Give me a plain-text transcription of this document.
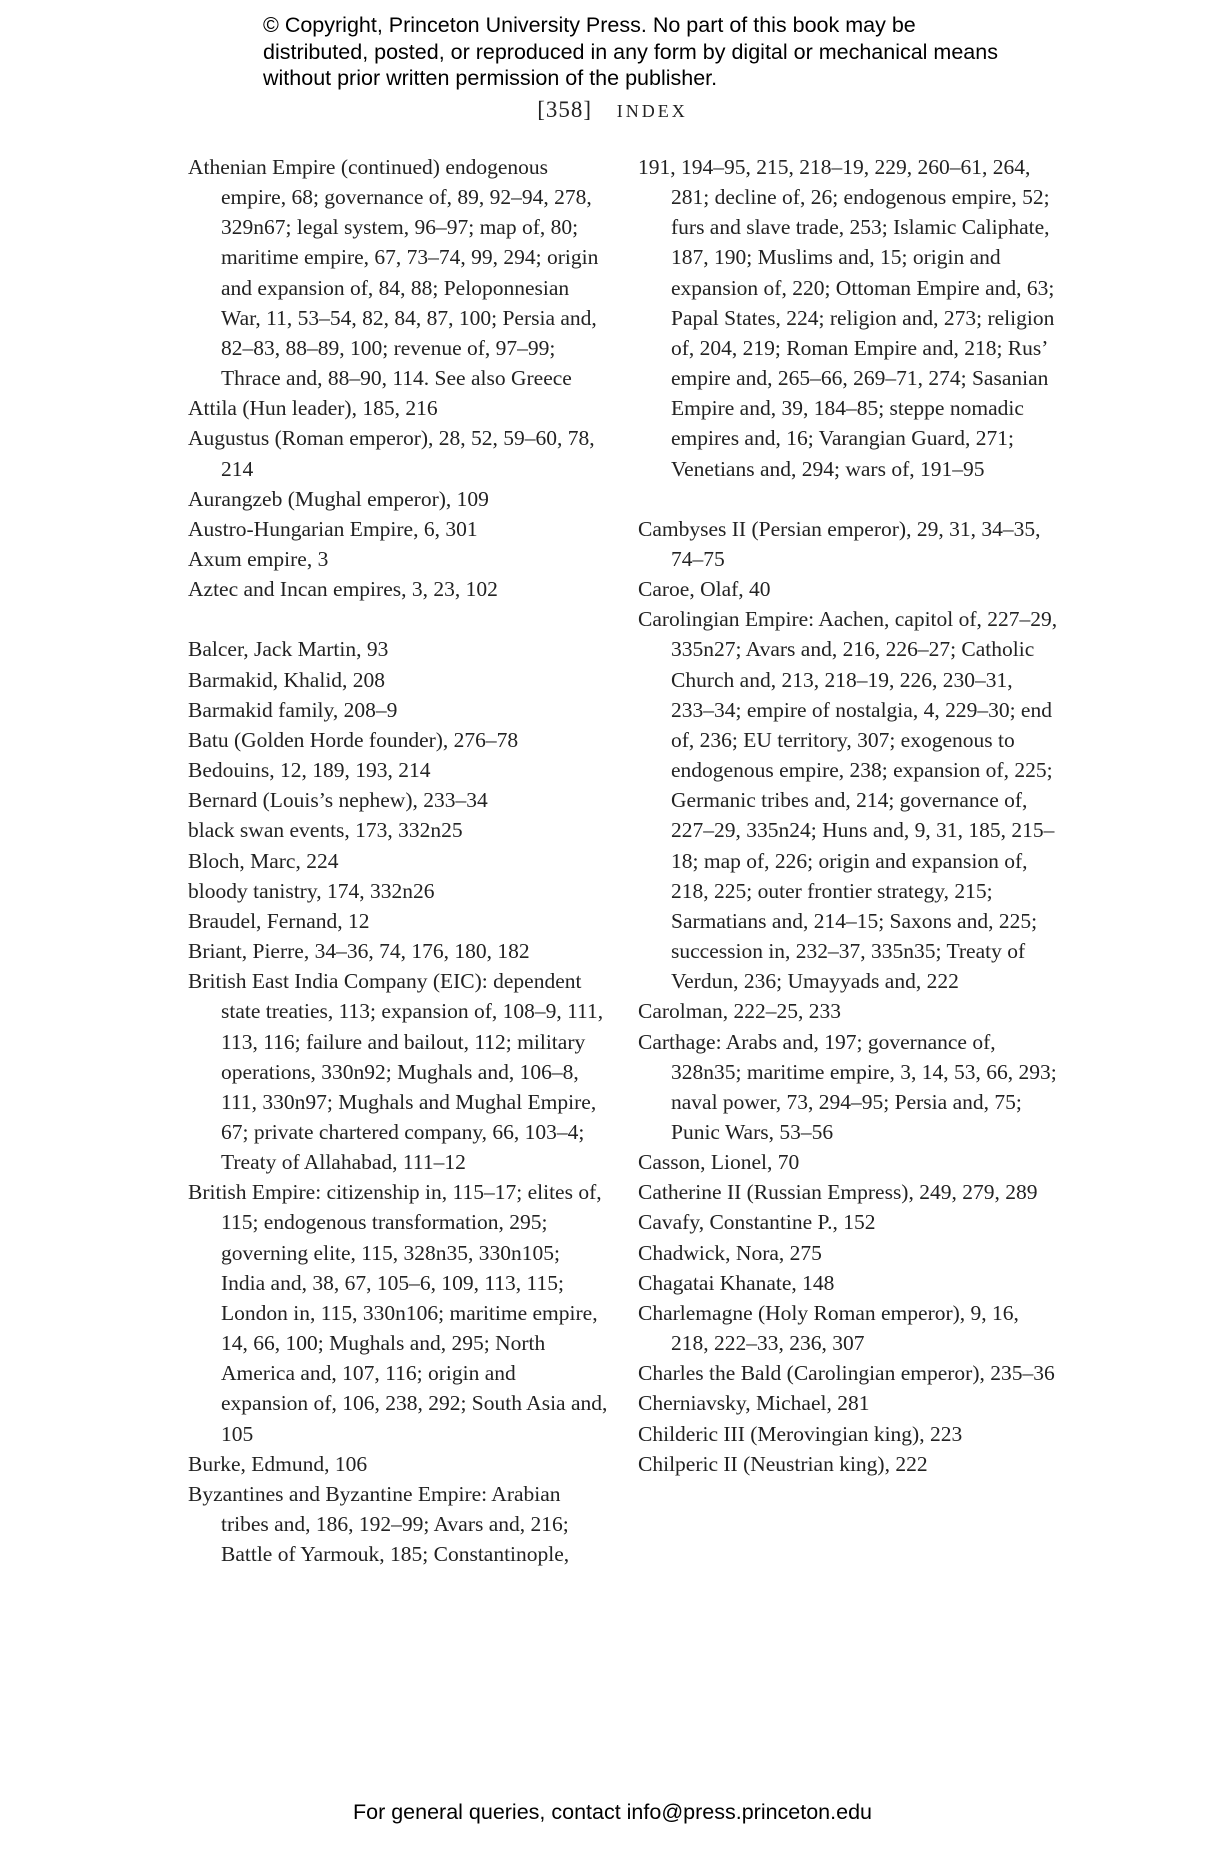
© Copyright, Princeton University Press. No part of this book may be distributed, posted, or reproduced in any form by digital or mechanical means without prior written permission of the publisher.

[358] INDEX

Athenian Empire (continued) endogenous empire, 68; governance of, 89, 92–94, 278, 329n67; legal system, 96–97; map of, 80; maritime empire, 67, 73–74, 99, 294; origin and expansion of, 84, 88; Peloponnesian War, 11, 53–54, 82, 84, 87, 100; Persia and, 82–83, 88–89, 100; revenue of, 97–99; Thrace and, 88–90, 114. See also Greece

Attila (Hun leader), 185, 216

Augustus (Roman emperor), 28, 52, 59–60, 78, 214

Aurangzeb (Mughal emperor), 109

Austro-Hungarian Empire, 6, 301

Axum empire, 3

Aztec and Incan empires, 3, 23, 102

Balcer, Jack Martin, 93

Barmakid, Khalid, 208

Barmakid family, 208–9

Batu (Golden Horde founder), 276–78

Bedouins, 12, 189, 193, 214

Bernard (Louis’s nephew), 233–34

black swan events, 173, 332n25

Bloch, Marc, 224

bloody tanistry, 174, 332n26

Braudel, Fernand, 12

Briant, Pierre, 34–36, 74, 176, 180, 182

British East India Company (EIC): dependent state treaties, 113; expansion of, 108–9, 111, 113, 116; failure and bailout, 112; military operations, 330n92; Mughals and, 106–8, 111, 330n97; Mughals and Mughal Empire, 67; private chartered company, 66, 103–4; Treaty of Allahabad, 111–12

British Empire: citizenship in, 115–17; elites of, 115; endogenous transformation, 295; governing elite, 115, 328n35, 330n105; India and, 38, 67, 105–6, 109, 113, 115; London in, 115, 330n106; maritime empire, 14, 66, 100; Mughals and, 295; North America and, 107, 116; origin and expansion of, 106, 238, 292; South Asia and, 105

Burke, Edmund, 106

Byzantines and Byzantine Empire: Arabian tribes and, 186, 192–99; Avars and, 216; Battle of Yarmouk, 185; Constantinople,

191, 194–95, 215, 218–19, 229, 260–61, 264, 281; decline of, 26; endogenous empire, 52; furs and slave trade, 253; Islamic Caliphate, 187, 190; Muslims and, 15; origin and expansion of, 220; Ottoman Empire and, 63; Papal States, 224; religion and, 273; religion of, 204, 219; Roman Empire and, 218; Rus’ empire and, 265–66, 269–71, 274; Sasanian Empire and, 39, 184–85; steppe nomadic empires and, 16; Varangian Guard, 271; Venetians and, 294; wars of, 191–95

Cambyses II (Persian emperor), 29, 31, 34–35, 74–75

Caroe, Olaf, 40

Carolingian Empire: Aachen, capitol of, 227–29, 335n27; Avars and, 216, 226–27; Catholic Church and, 213, 218–19, 226, 230–31, 233–34; empire of nostalgia, 4, 229–30; end of, 236; EU territory, 307; exogenous to endogenous empire, 238; expansion of, 225; Germanic tribes and, 214; governance of, 227–29, 335n24; Huns and, 9, 31, 185, 215–18; map of, 226; origin and expansion of, 218, 225; outer frontier strategy, 215; Sarmatians and, 214–15; Saxons and, 225; succession in, 232–37, 335n35; Treaty of Verdun, 236; Umayyads and, 222

Carolman, 222–25, 233

Carthage: Arabs and, 197; governance of, 328n35; maritime empire, 3, 14, 53, 66, 293; naval power, 73, 294–95; Persia and, 75; Punic Wars, 53–56

Casson, Lionel, 70

Catherine II (Russian Empress), 249, 279, 289

Cavafy, Constantine P., 152

Chadwick, Nora, 275

Chagatai Khanate, 148

Charlemagne (Holy Roman emperor), 9, 16, 218, 222–33, 236, 307

Charles the Bald (Carolingian emperor), 235–36

Cherniavsky, Michael, 281

Childeric III (Merovingian king), 223

Chilperic II (Neustrian king), 222

For general queries, contact info@press.princeton.edu
